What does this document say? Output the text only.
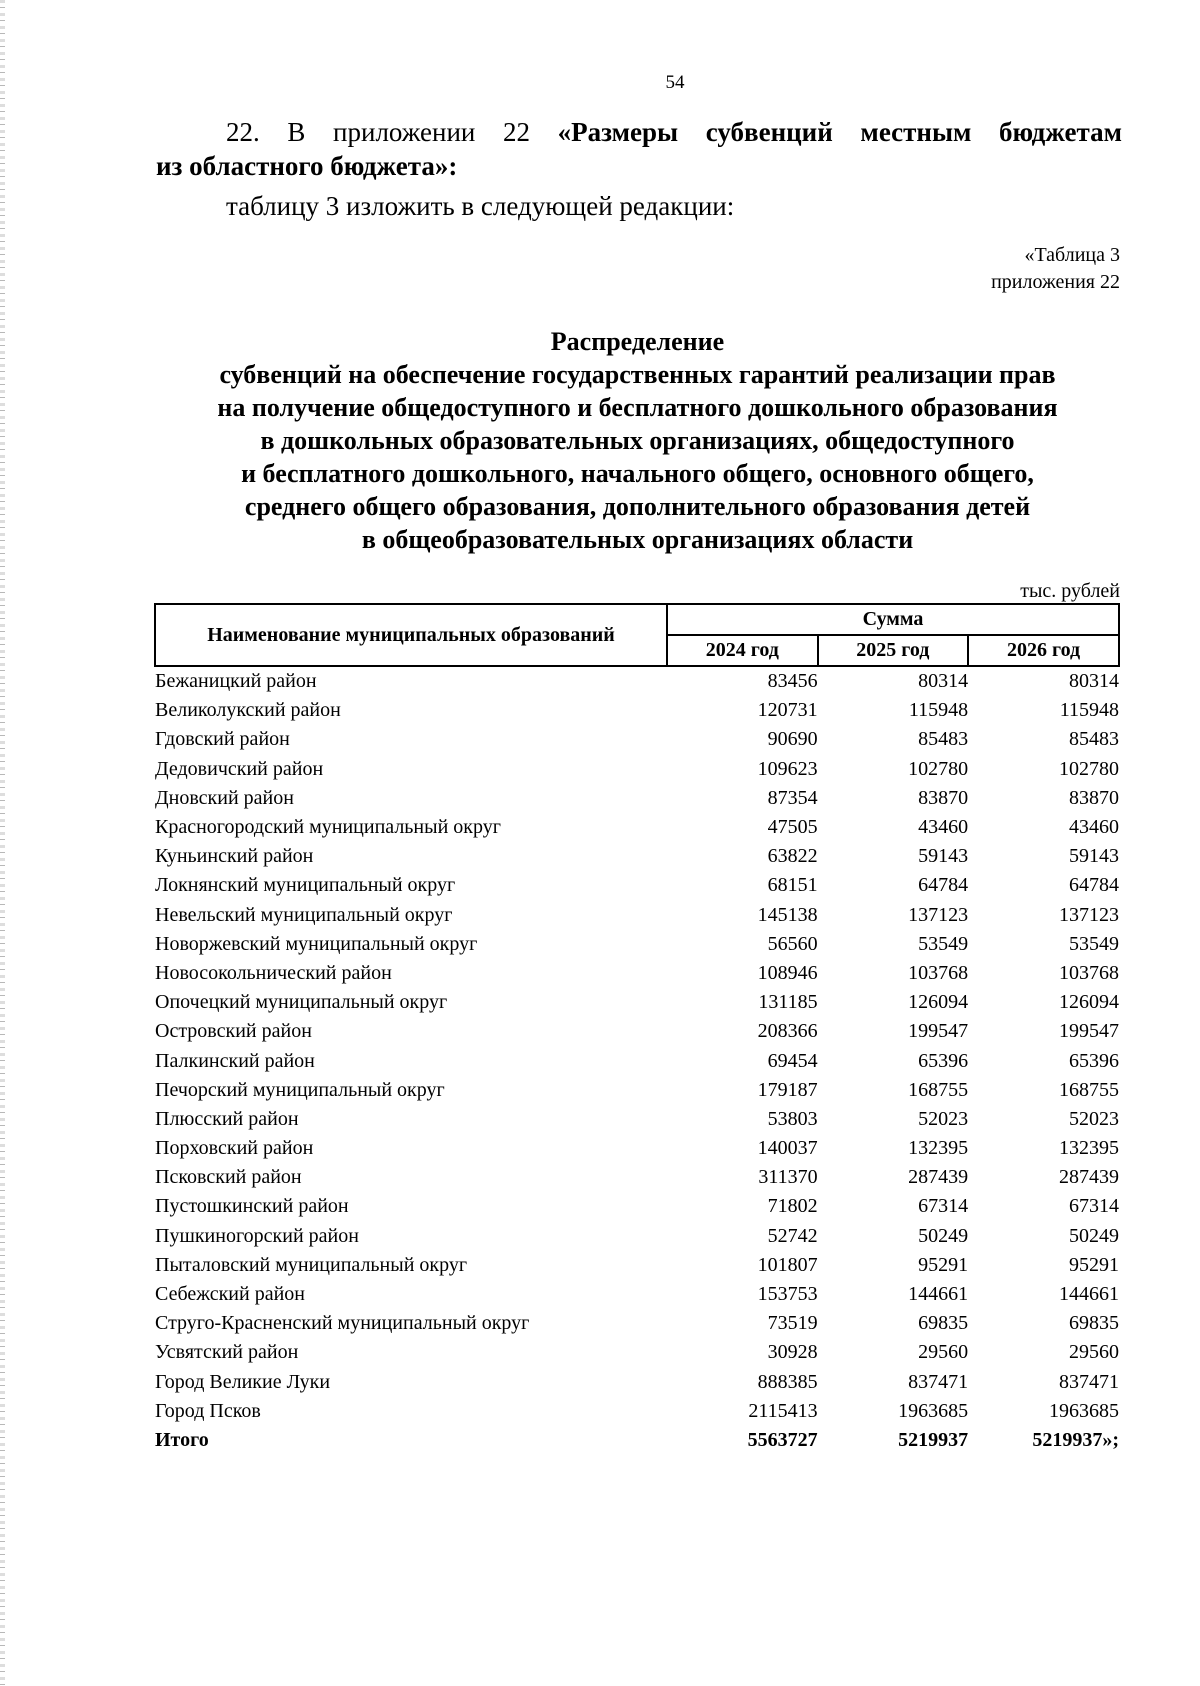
54

22. В приложении 22 «Размеры субвенций местным бюджетам

из областного бюджета»:

таблицу 3 изложить в следующей редакции:

«Таблица 3
приложения 22
Распределение
субвенций на обеспечение государственных гарантий реализации прав
на получение общедоступного и бесплатного дошкольного образования
в дошкольных образовательных организациях, общедоступного
и бесплатного дошкольного, начального общего, основного общего,
среднего общего образования, дополнительного образования детей
в общеобразовательных организациях области
тыс. рублей
Наименование муниципальных образований	Сумма		
	2024 год	2025 год	2026 год
Бежаницкий район	83456	80314	80314
Великолукский район	120731	115948	115948
Гдовский район	90690	85483	85483
Дедовичский район	109623	102780	102780
Дновский район	87354	83870	83870
Красногородский муниципальный округ	47505	43460	43460
Куньинский район	63822	59143	59143
Локнянский муниципальный округ	68151	64784	64784
Невельский муниципальный округ	145138	137123	137123
Новоржевский муниципальный округ	56560	53549	53549
Новосокольнический район	108946	103768	103768
Опочецкий муниципальный округ	131185	126094	126094
Островский район	208366	199547	199547
Палкинский район	69454	65396	65396
Печорский муниципальный округ	179187	168755	168755
Плюсский район	53803	52023	52023
Порховский район	140037	132395	132395
Псковский район	311370	287439	287439
Пустошкинский район	71802	67314	67314
Пушкиногорский район	52742	50249	50249
Пыталовский муниципальный округ	101807	95291	95291
Себежский район	153753	144661	144661
Струго-Красненский муниципальный округ	73519	69835	69835
Усвятский район	30928	29560	29560
Город Великие Луки	888385	837471	837471
Город Псков	2115413	1963685	1963685
Итого	5563727	5219937	5219937»;
